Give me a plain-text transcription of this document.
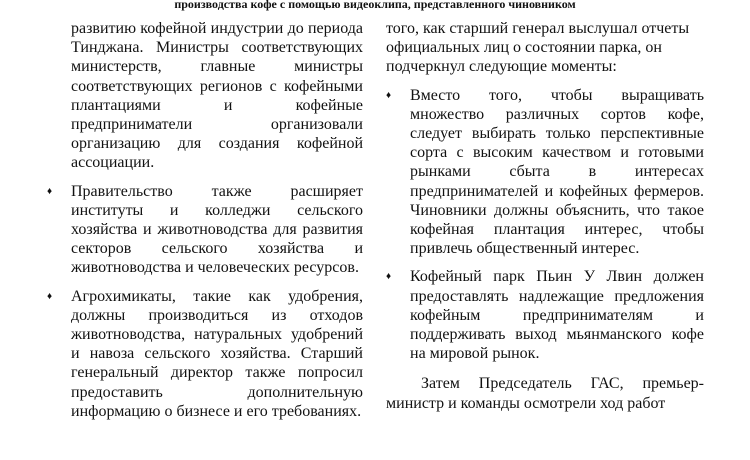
производства кофе с помощью видеоклипа, представленного чиновником
развитию кофейной индустрии до периода Тинджана. Министры соответствующих министерств, главные министры соответствующих регионов с кофейными плантациями и кофейные предприниматели организовали организацию для создания кофейной ассоциации.
♦ Правительство также расширяет институты и колледжи сельского хозяйства и животноводства для развития секторов сельского хозяйства и животноводства и человеческих ресурсов.
♦ Агрохимикаты, такие как удобрения, должны производиться из отходов животноводства, натуральных удобрений и навоза сельского хозяйства. Старший генеральный директор также попросил предоставить дополнительную информацию о бизнесе и его требованиях.
того, как старший генерал выслушал отчеты официальных лиц о состоянии парка, он подчеркнул следующие моменты:
♦ Вместо того, чтобы выращивать множество различных сортов кофе, следует выбирать только перспективные сорта с высоким качеством и готовыми рынками сбыта в интересах предпринимателей и кофейных фермеров. Чиновники должны объяснить, что такое кофейная плантация интерес, чтобы привлечь общественный интерес.
♦ Кофейный парк Пьин У Лвин должен предоставлять надлежащие предложения кофейным предпринимателям и поддерживать выход мьянманского кофе на мировой рынок.
Затем Председатель ГАС, премьер-министр и команды осмотрели ход работ
